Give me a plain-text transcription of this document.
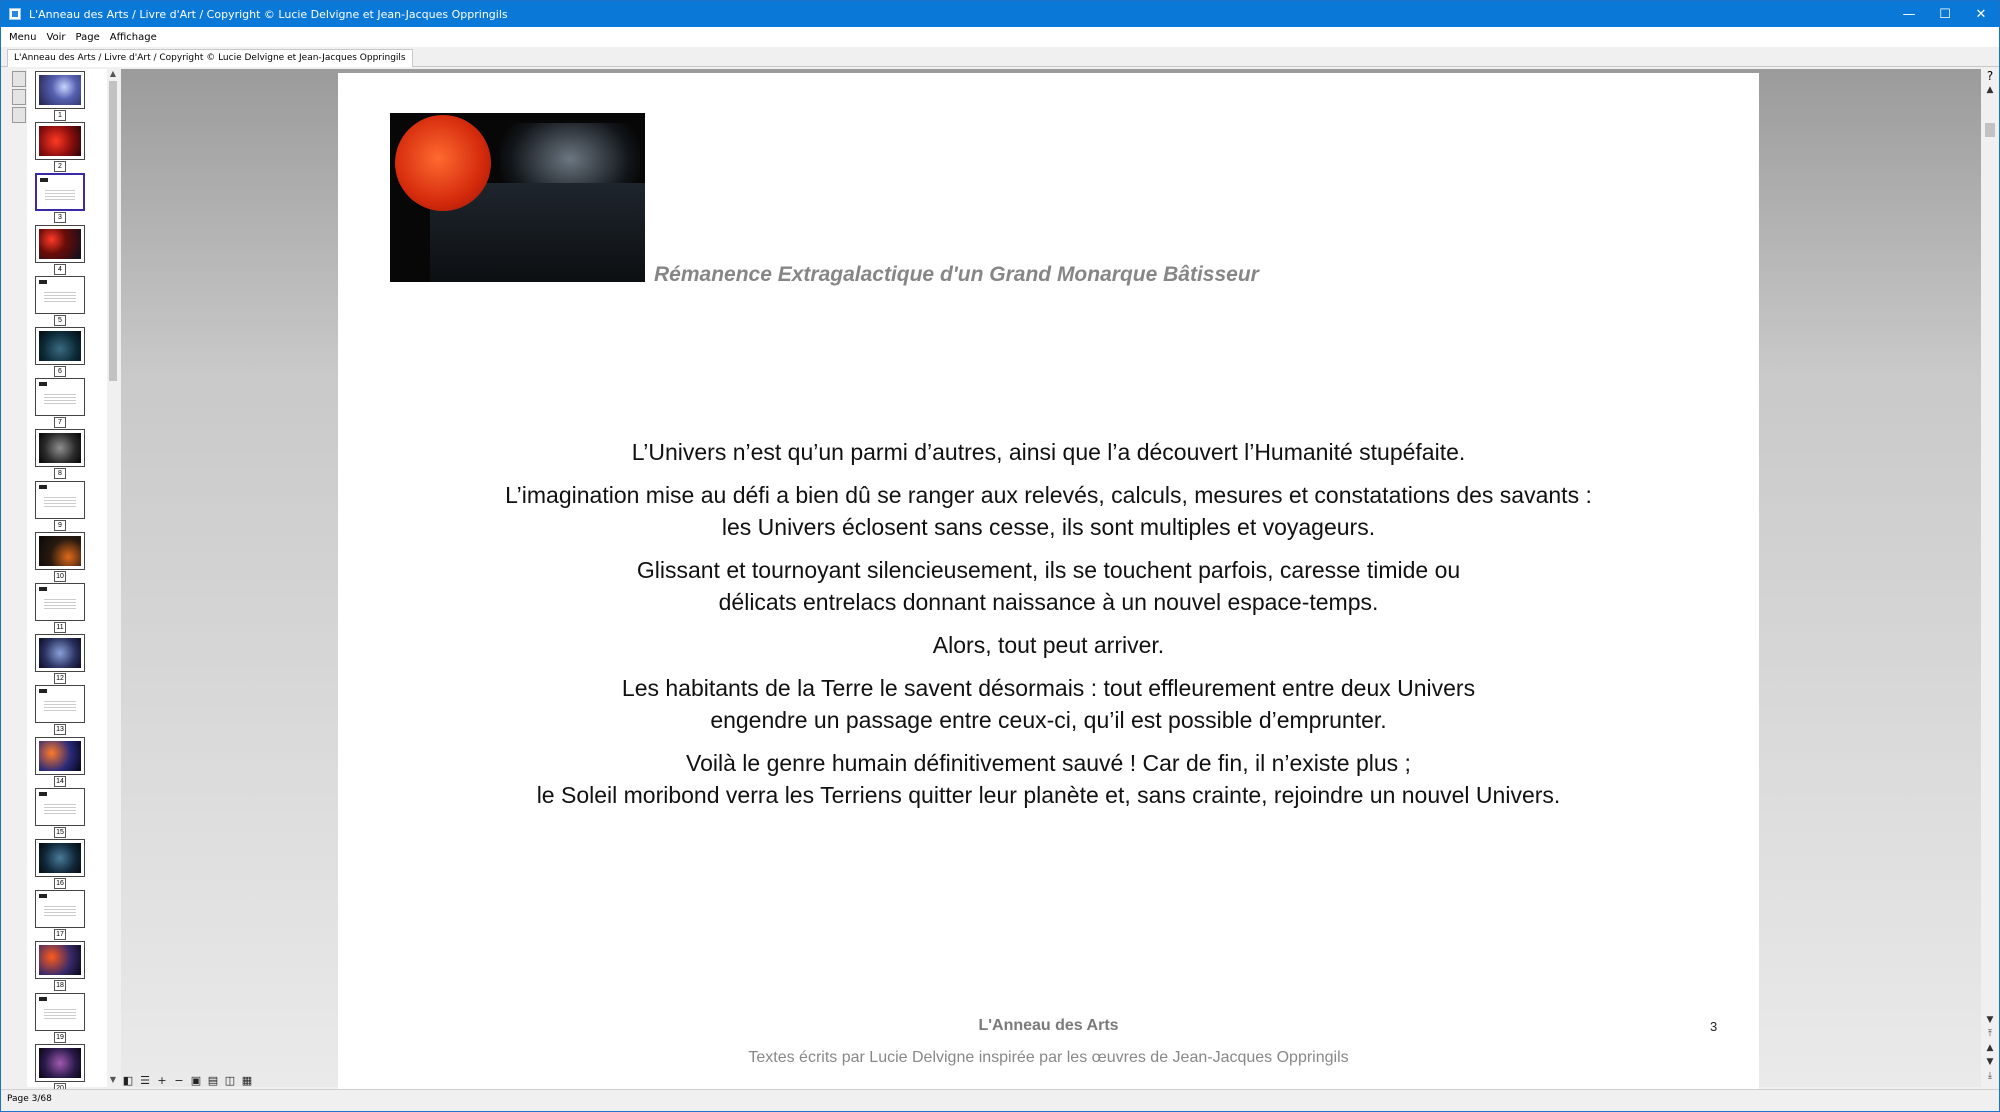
L'Anneau des Arts / Livre d'Art / Copyright © Lucie Delvigne et Jean-Jacques Oppringils	—	☐	✕
Menu Voir Page Affichage
L'Anneau des Arts / Livre d'Art / Copyright © Lucie Delvigne et Jean-Jacques Oppringils
1
2
3
4
5
6
7
8
9
10
11
12
13
14
15
16
17
18
19
▲
▼
Rémanence Extragalactique d'un Grand Monarque Bâtisseur

L’Univers n’est qu’un parmi d’autres, ainsi que l’a découvert l’Humanité stupéfaite.

L’imagination mise au défi a bien dû se ranger aux relevés, calculs, mesures et constatations des savants :
les Univers éclosent sans cesse, ils sont multiples et voyageurs.

Glissant et tournoyant silencieusement, ils se touchent parfois, caresse timide ou
délicats entrelacs donnant naissance à un nouvel espace-temps.

Alors, tout peut arriver.

Les habitants de la Terre le savent désormais : tout effleurement entre deux Univers
engendre un passage entre ceux-ci, qu’il est possible d’emprunter.

Voilà le genre humain définitivement sauvé ! Car de fin, il n’existe plus ;
le Soleil moribond verra les Terriens quitter leur planète et, sans crainte, rejoindre un nouvel Univers.

L'Anneau des Arts
Textes écrits par Lucie Delvigne inspirée par les œuvres de Jean-Jacques Oppringils
3
?
▲
▼
⤒
▲
▼
⤓
◧ ☰ + − ▣ ▤ ◫ ▦
Page 3/68
